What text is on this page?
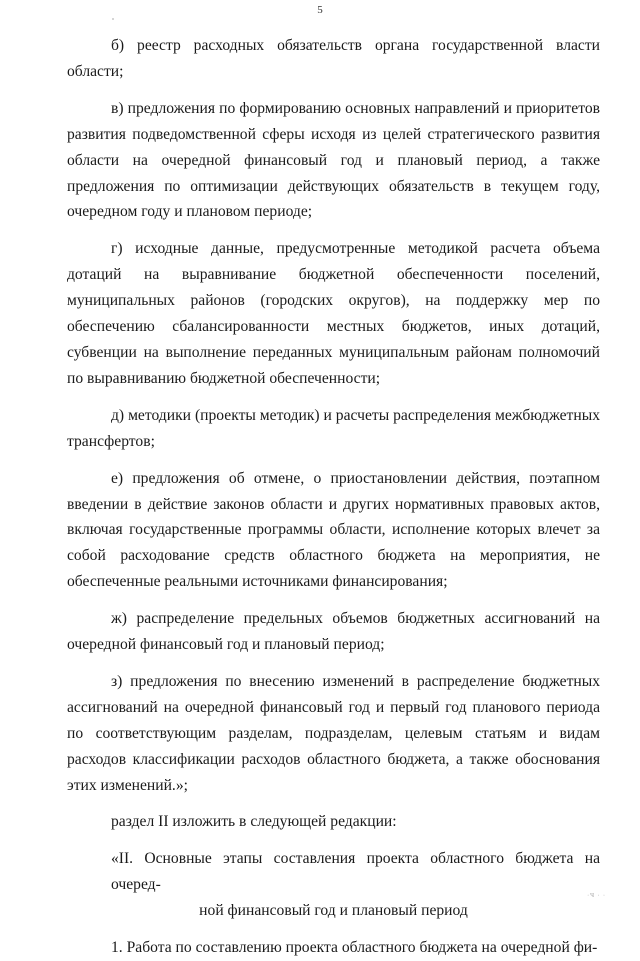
5

б) реестр расходных обязательств органа государственной власти области;

в) предложения по формированию основных направлений и приоритетов развития подведомственной сферы исходя из целей стратегического развития области на очередной финансовый год и плановый период, а также предложения по оптимизации действующих обязательств в текущем году, очередном году и плановом периоде;

г) исходные данные, предусмотренные методикой расчета объема дотаций на выравнивание бюджетной обеспеченности поселений, муниципальных районов (городских округов), на поддержку мер по обеспечению сбалансированности местных бюджетов, иных дотаций, субвенции на выполнение переданных муниципальным районам полномочий по выравниванию бюджетной обеспеченности;

д) методики (проекты методик) и расчеты распределения межбюджетных трансфертов;

е) предложения об отмене, о приостановлении действия, поэтапном введении в действие законов области и других нормативных правовых актов, включая государственные программы области, исполнение которых влечет за собой расходование средств областного бюджета на мероприятия, не обеспеченные реальными источниками финансирования;

ж) распределение предельных объемов бюджетных ассигнований на очередной финансовый год и плановый период;

з) предложения по внесению изменений в распределение бюджетных ассигнований на очередной финансовый год и первый год планового периода по соответствующим разделам, подразделам, целевым статьям и видам расходов классификации расходов областного бюджета, а также обоснования этих изменений.»;

раздел II изложить в следующей редакции:

«II. Основные этапы составления проекта областного бюджета на очеред-
ной финансовый год и плановый период

1. Работа по составлению проекта областного бюджета на очередной фи-

·Ч · ·
